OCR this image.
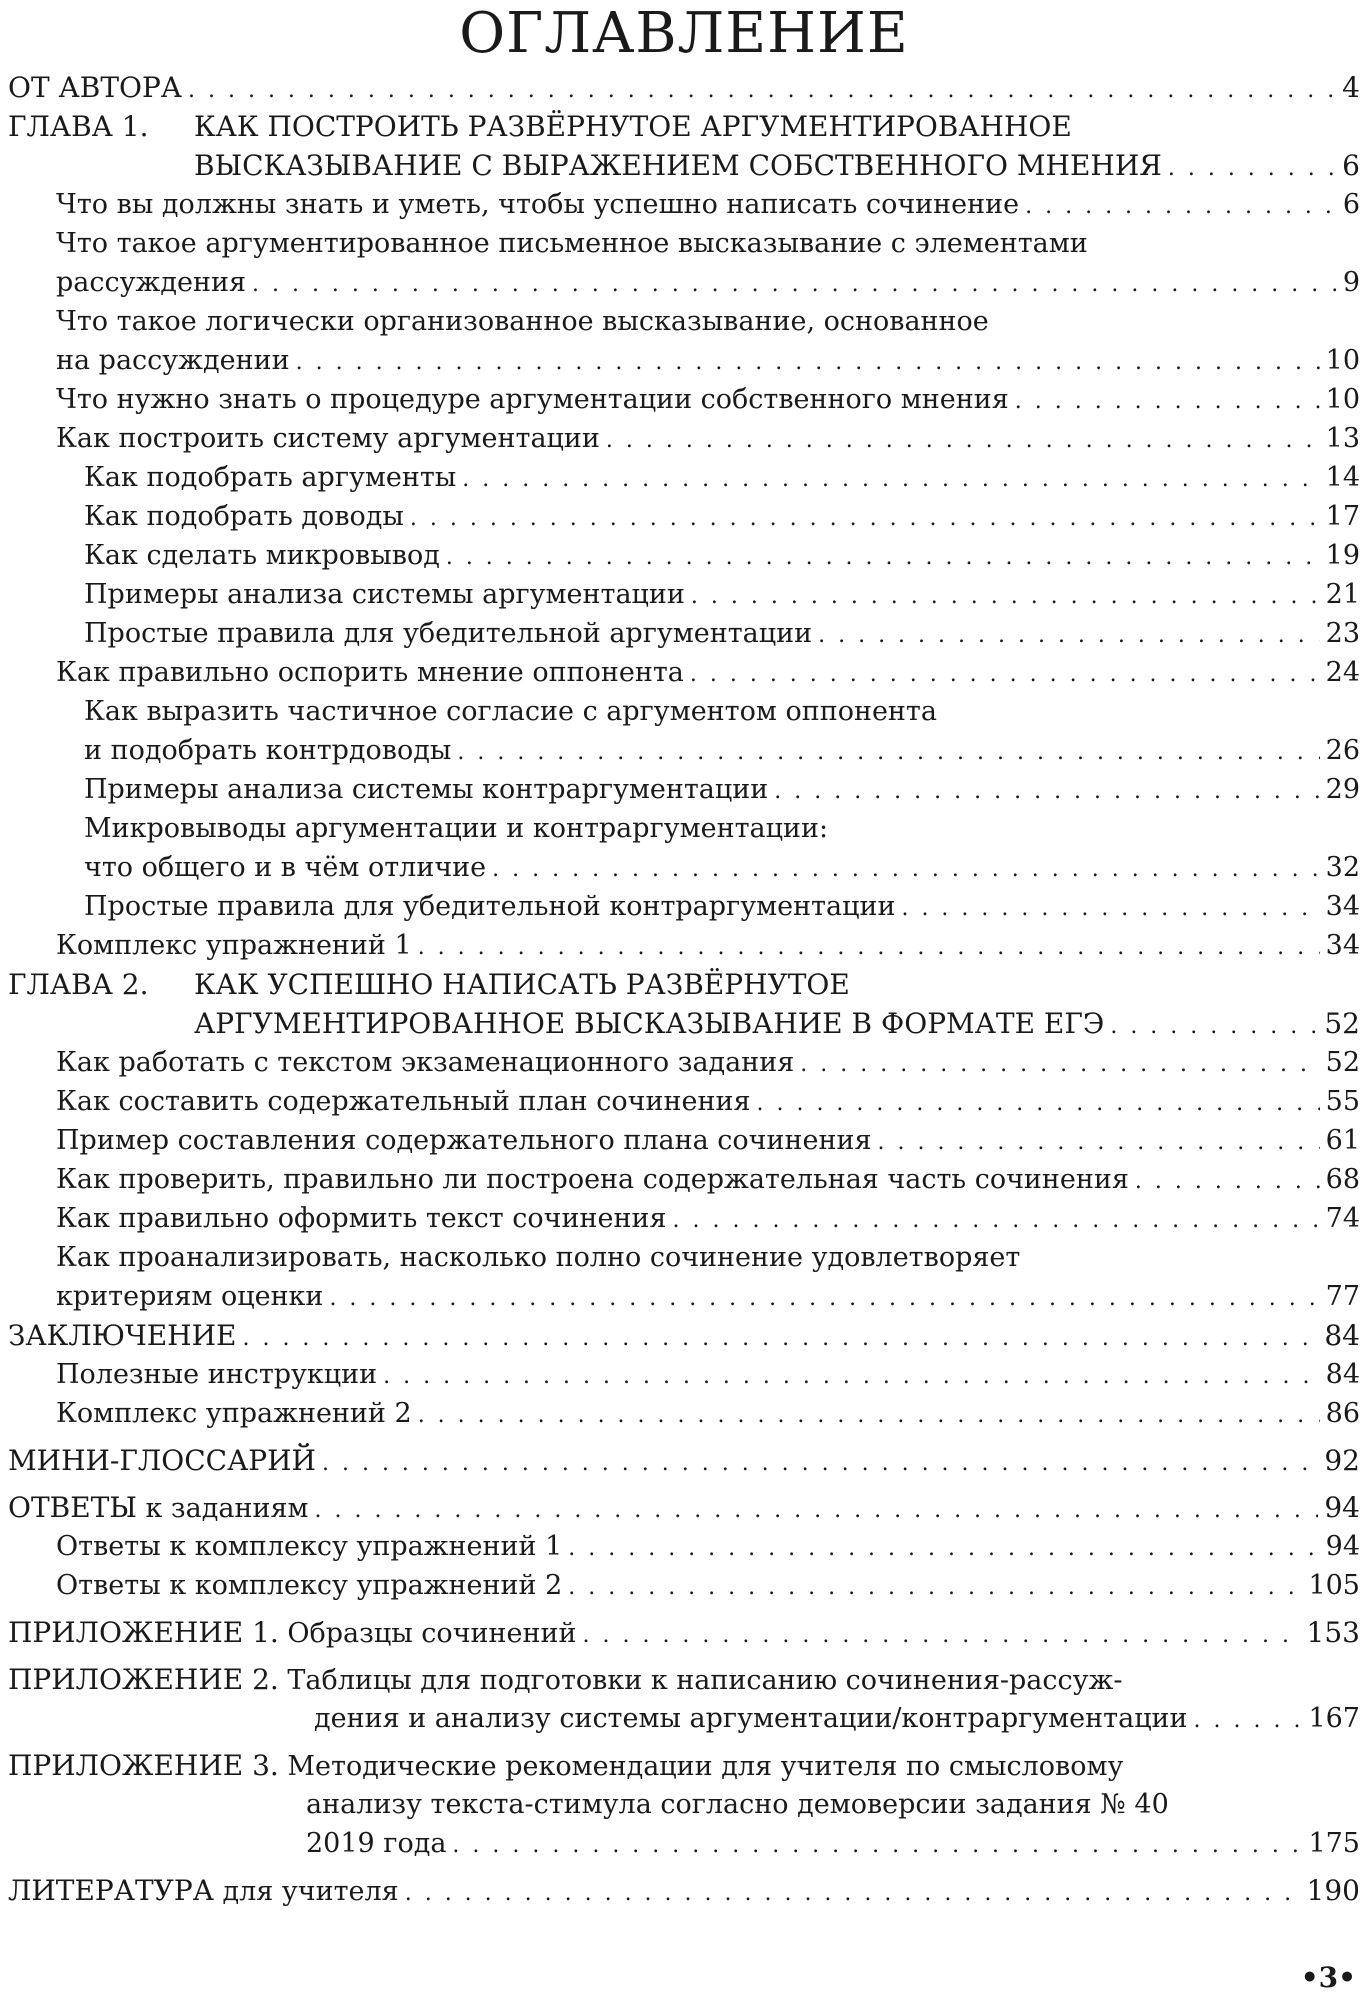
ОГЛАВЛЕНИЕ
ОТ АВТОРА . . .	4
ГЛАВА 1. КАК ПОСТРОИТЬ РАЗВЁРНУТОЕ АРГУМЕНТИРОВАННОЕ
ВЫСКАЗЫВАНИЕ С ВЫРАЖЕНИЕМ СОБСТВЕННОГО МНЕНИЯ . . .	6
Что вы должны знать и уметь, чтобы успешно написать сочинение . . .	6
Что такое аргументированное письменное высказывание с элементами
рассуждения . . .	9
Что такое логически организованное высказывание, основанное
на рассуждении . . .	10
Что нужно знать о процедуре аргументации собственного мнения . . .	10
Как построить систему аргументации . . .	13
Как подобрать аргументы . . .	14
Как подобрать доводы . . .	17
Как сделать микровывод . . .	19
Примеры анализа системы аргументации . . .	21
Простые правила для убедительной аргументации . . .	23
Как правильно оспорить мнение оппонента . . .	24
Как выразить частичное согласие с аргументом оппонента
и подобрать контрдоводы . . .	26
Примеры анализа системы контраргументации . . .	29
Микровыводы аргументации и контраргументации:
что общего и в чём отличие . . .	32
Простые правила для убедительной контраргументации . . .	34
Комплекс упражнений 1 . . .	34
ГЛАВА 2. КАК УСПЕШНО НАПИСАТЬ РАЗВЁРНУТОЕ
АРГУМЕНТИРОВАННОЕ ВЫСКАЗЫВАНИЕ В ФОРМАТЕ ЕГЭ . . .	52
Как работать с текстом экзаменационного задания . . .	52
Как составить содержательный план сочинения . . .	55
Пример составления содержательного плана сочинения . . .	61
Как проверить, правильно ли построена содержательная часть сочинения . . .	68
Как правильно оформить текст сочинения . . .	74
Как проанализировать, насколько полно сочинение удовлетворяет
критериям оценки . . .	77
ЗАКЛЮЧЕНИЕ . . .	84
Полезные инструкции . . .	84
Комплекс упражнений 2 . . .	86
МИНИ-ГЛОССАРИЙ . . .	92
ОТВЕТЫ к заданиям . . .	94
Ответы к комплексу упражнений 1 . . .	94
Ответы к комплексу упражнений 2 . . .	105
ПРИЛОЖЕНИЕ 1. Образцы сочинений . . .	153
ПРИЛОЖЕНИЕ 2. Таблицы для подготовки к написанию сочинения-рассуж-
дения и анализу системы аргументации/контраргументации . . .	167
ПРИЛОЖЕНИЕ 3. Методические рекомендации для учителя по смысловому
анализу текста-стимула согласно демоверсии задания № 40
2019 года . . .	175
ЛИТЕРАТУРА для учителя . . .	190
•3•
